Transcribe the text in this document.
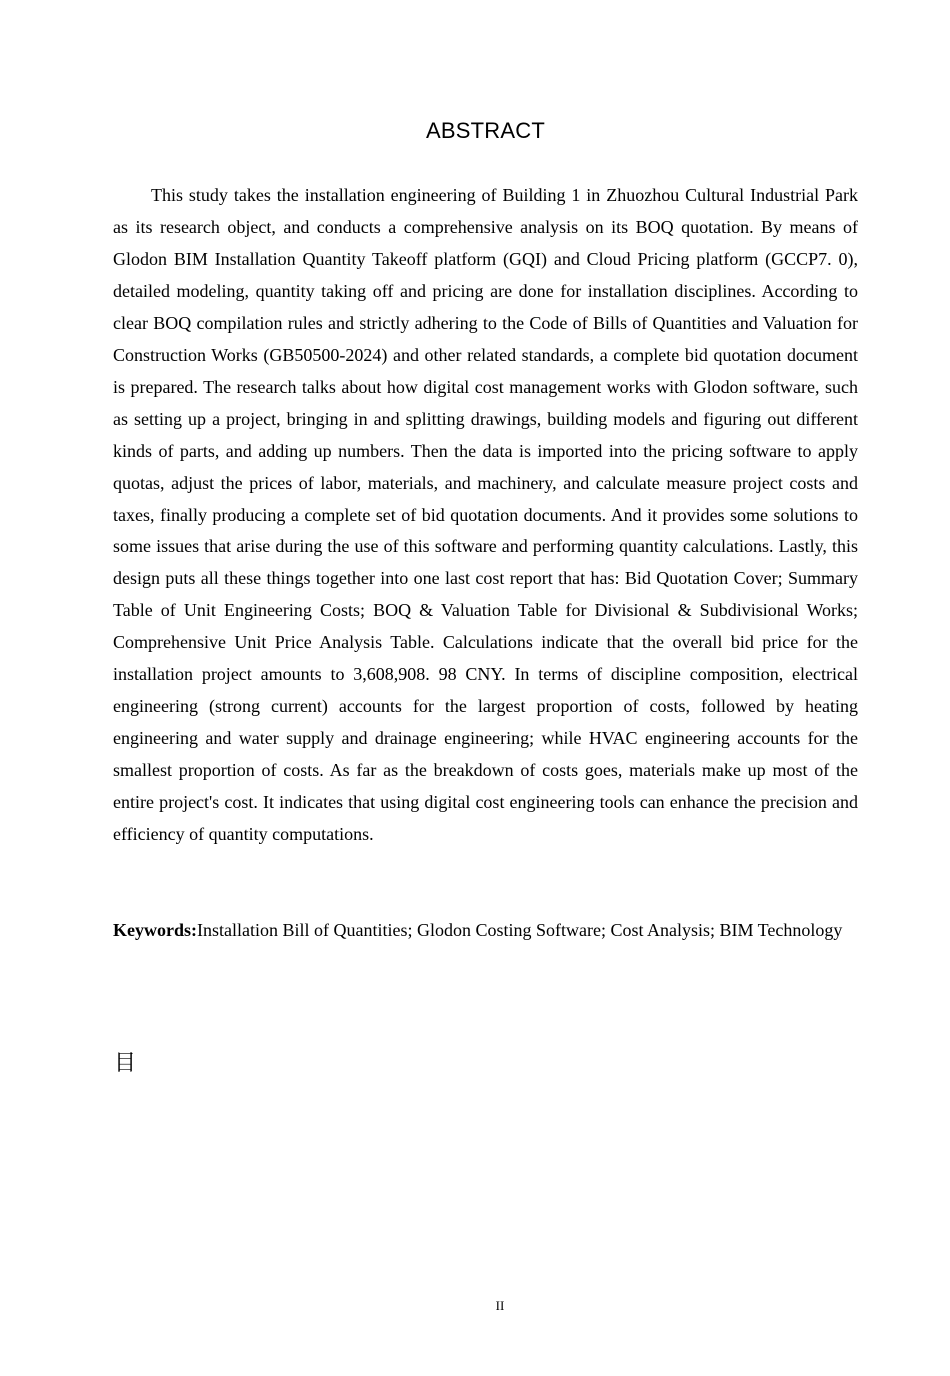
ABSTRACT

This study takes the installation engineering of Building 1 in Zhuozhou Cultural Industrial Park as its research object, and conducts a comprehensive analysis on its BOQ quotation. By means of Glodon BIM Installation Quantity Takeoff platform (GQI) and Cloud Pricing platform (GCCP7. 0), detailed modeling, quantity taking off and pricing are done for installation disciplines. According to clear BOQ compilation rules and strictly adhering to the Code of Bills of Quantities and Valuation for Construction Works (GB50500-2024) and other related standards, a complete bid quotation document is prepared. The research talks about how digital cost management works with Glodon software, such as setting up a project, bringing in and splitting drawings, building models and figuring out different kinds of parts, and adding up numbers. Then the data is imported into the pricing software to apply quotas, adjust the prices of labor, materials, and machinery, and calculate measure project costs and taxes, finally producing a complete set of bid quotation documents. And it provides some solutions to some issues that arise during the use of this software and performing quantity calculations. Lastly, this design puts all these things together into one last cost report that has: Bid Quotation Cover; Summary Table of Unit Engineering Costs; BOQ & Valuation Table for Divisional & Subdivisional Works; Comprehensive Unit Price Analysis Table. Calculations indicate that the overall bid price for the installation project amounts to 3,608,908. 98 CNY. In terms of discipline composition, electrical engineering (strong current) accounts for the largest proportion of costs, followed by heating engineering and water supply and drainage engineering; while HVAC engineering accounts for the smallest proportion of costs. As far as the breakdown of costs goes, materials make up most of the entire project's cost. It indicates that using digital cost engineering tools can enhance the precision and efficiency of quantity computations.

Keywords:Installation Bill of Quantities; Glodon Costing Software; Cost Analysis; BIM Technology

目
II
